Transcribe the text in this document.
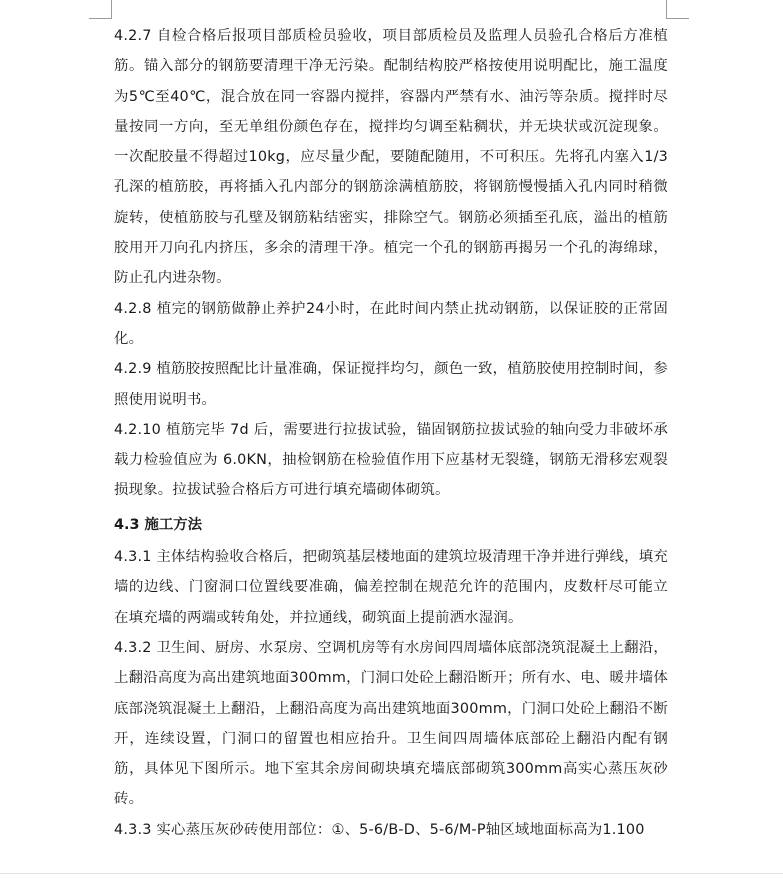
4.2.7 自检合格后报项目部质检员验收，项目部质检员及监理人员验孔合格后方准植筋。锚入部分的钢筋要清理干净无污染。配制结构胶严格按使用说明配比，施工温度为5℃至40℃，混合放在同一容器内搅拌，容器内严禁有水、油污等杂质。搅拌时尽量按同一方向，至无单组份颜色存在，搅拌均匀调至粘稠状，并无块状或沉淀现象。一次配胶量不得超过10kg，应尽量少配，要随配随用，不可积压。先将孔内塞入1/3孔深的植筋胶，再将插入孔内部分的钢筋涂满植筋胶，将钢筋慢慢插入孔内同时稍微旋转，使植筋胶与孔壁及钢筋粘结密实，排除空气。钢筋必须插至孔底，溢出的植筋胶用开刀向孔内挤压，多余的清理干净。植完一个孔的钢筋再揭另一个孔的海绵球，防止孔内进杂物。

4.2.8 植完的钢筋做静止养护24小时，在此时间内禁止扰动钢筋，以保证胶的正常固化。

4.2.9 植筋胶按照配比计量准确，保证搅拌均匀，颜色一致，植筋胶使用控制时间，参照使用说明书。

4.2.10 植筋完毕 7d 后，需要进行拉拔试验，锚固钢筋拉拔试验的轴向受力非破坏承载力检验值应为 6.0KN，抽检钢筋在检验值作用下应基材无裂缝，钢筋无滑移宏观裂损现象。拉拔试验合格后方可进行填充墙砌体砌筑。

4.3 施工方法

4.3.1 主体结构验收合格后，把砌筑基层楼地面的建筑垃圾清理干净并进行弹线，填充墙的边线、门窗洞口位置线要准确，偏差控制在规范允许的范围内，皮数杆尽可能立在填充墙的两端或转角处，并拉通线，砌筑面上提前洒水湿润。

4.3.2 卫生间、厨房、水泵房、空调机房等有水房间四周墙体底部浇筑混凝土上翻沿，上翻沿高度为高出建筑地面300mm，门洞口处砼上翻沿断开；所有水、电、暖井墙体底部浇筑混凝土上翻沿，上翻沿高度为高出建筑地面300mm，门洞口处砼上翻沿不断开，连续设置，门洞口的留置也相应抬升。卫生间四周墙体底部砼上翻沿内配有钢筋，具体见下图所示。地下室其余房间砌块填充墙底部砌筑300mm高实心蒸压灰砂砖。

4.3.3 实心蒸压灰砂砖使用部位：①、5-6/B-D、5-6/M-P轴区域地面标高为1.100
